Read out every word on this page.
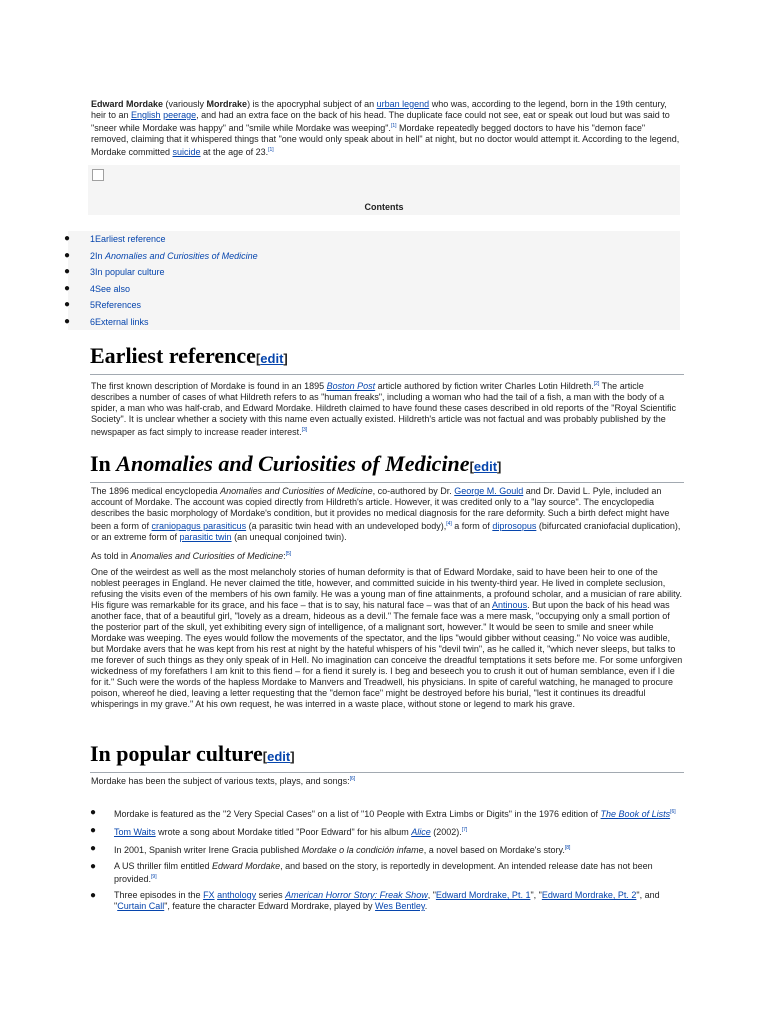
Edward Mordake (variously Mordrake) is the apocryphal subject of an urban legend who was, according to the legend, born in the 19th century, heir to an English peerage, and had an extra face on the back of his head. The duplicate face could not see, eat or speak out loud but was said to "sneer while Mordake was happy" and "smile while Mordake was weeping".[1] Mordake repeatedly begged doctors to have his "demon face" removed, claiming that it whispered things that "one would only speak about in hell" at night, but no doctor would attempt it. According to the legend, Mordake committed suicide at the age of 23.[1]

Contents
●	1Earliest reference
●	2In Anomalies and Curiosities of Medicine
●	3In popular culture
●	4See also
●	5References
●	6External links
Earliest reference[edit]

The first known description of Mordake is found in an 1895 Boston Post article authored by fiction writer Charles Lotin Hildreth.[2] The article describes a number of cases of what Hildreth refers to as "human freaks", including a woman who had the tail of a fish, a man with the body of a spider, a man who was half-crab, and Edward Mordake. Hildreth claimed to have found these cases described in old reports of the "Royal Scientific Society". It is unclear whether a society with this name even actually existed. Hildreth's article was not factual and was probably published by the newspaper as fact simply to increase reader interest.[3]

In Anomalies and Curiosities of Medicine[edit]

The 1896 medical encyclopedia Anomalies and Curiosities of Medicine, co-authored by Dr. George M. Gould and Dr. David L. Pyle, included an account of Mordake. The account was copied directly from Hildreth's article. However, it was credited only to a "lay source". The encyclopedia describes the basic morphology of Mordake's condition, but it provides no medical diagnosis for the rare deformity. Such a birth defect might have been a form of craniopagus parasiticus (a parasitic twin head with an undeveloped body),[4] a form of diprosopus (bifurcated craniofacial duplication), or an extreme form of parasitic twin (an unequal conjoined twin).

As told in Anomalies and Curiosities of Medicine:[5]

One of the weirdest as well as the most melancholy stories of human deformity is that of Edward Mordake, said to have been heir to one of the noblest peerages in England. He never claimed the title, however, and committed suicide in his twenty-third year. He lived in complete seclusion, refusing the visits even of the members of his own family. He was a young man of fine attainments, a profound scholar, and a musician of rare ability. His figure was remarkable for its grace, and his face – that is to say, his natural face – was that of an Antinous. But upon the back of his head was another face, that of a beautiful girl, "lovely as a dream, hideous as a devil." The female face was a mere mask, "occupying only a small portion of the posterior part of the skull, yet exhibiting every sign of intelligence, of a malignant sort, however." It would be seen to smile and sneer while Mordake was weeping. The eyes would follow the movements of the spectator, and the lips "would gibber without ceasing." No voice was audible, but Mordake avers that he was kept from his rest at night by the hateful whispers of his "devil twin", as he called it, "which never sleeps, but talks to me forever of such things as they only speak of in Hell. No imagination can conceive the dreadful temptations it sets before me. For some unforgiven wickedness of my forefathers I am knit to this fiend – for a fiend it surely is. I beg and beseech you to crush it out of human semblance, even if I die for it." Such were the words of the hapless Mordake to Manvers and Treadwell, his physicians. In spite of careful watching, he managed to procure poison, whereof he died, leaving a letter requesting that the "demon face" might be destroyed before his burial, "lest it continues its dreadful whisperings in my grave." At his own request, he was interred in a waste place, without stone or legend to mark his grave.

In popular culture[edit]

Mordake has been the subject of various texts, plays, and songs:[6]

● Mordake is featured as the "2 Very Special Cases" on a list of "10 People with Extra Limbs or Digits" in the 1976 edition of The Book of Lists[6]
● Tom Waits wrote a song about Mordake titled "Poor Edward" for his album Alice (2002).[7]
● In 2001, Spanish writer Irene Gracia published Mordake o la condición infame, a novel based on Mordake's story.[8]
● A US thriller film entitled Edward Mordake, and based on the story, is reportedly in development. An intended release date has not been provided.[9]
● Three episodes in the FX anthology series American Horror Story: Freak Show, "Edward Mordrake, Pt. 1", "Edward Mordrake, Pt. 2", and "Curtain Call", feature the character Edward Mordrake, played by Wes Bentley.
